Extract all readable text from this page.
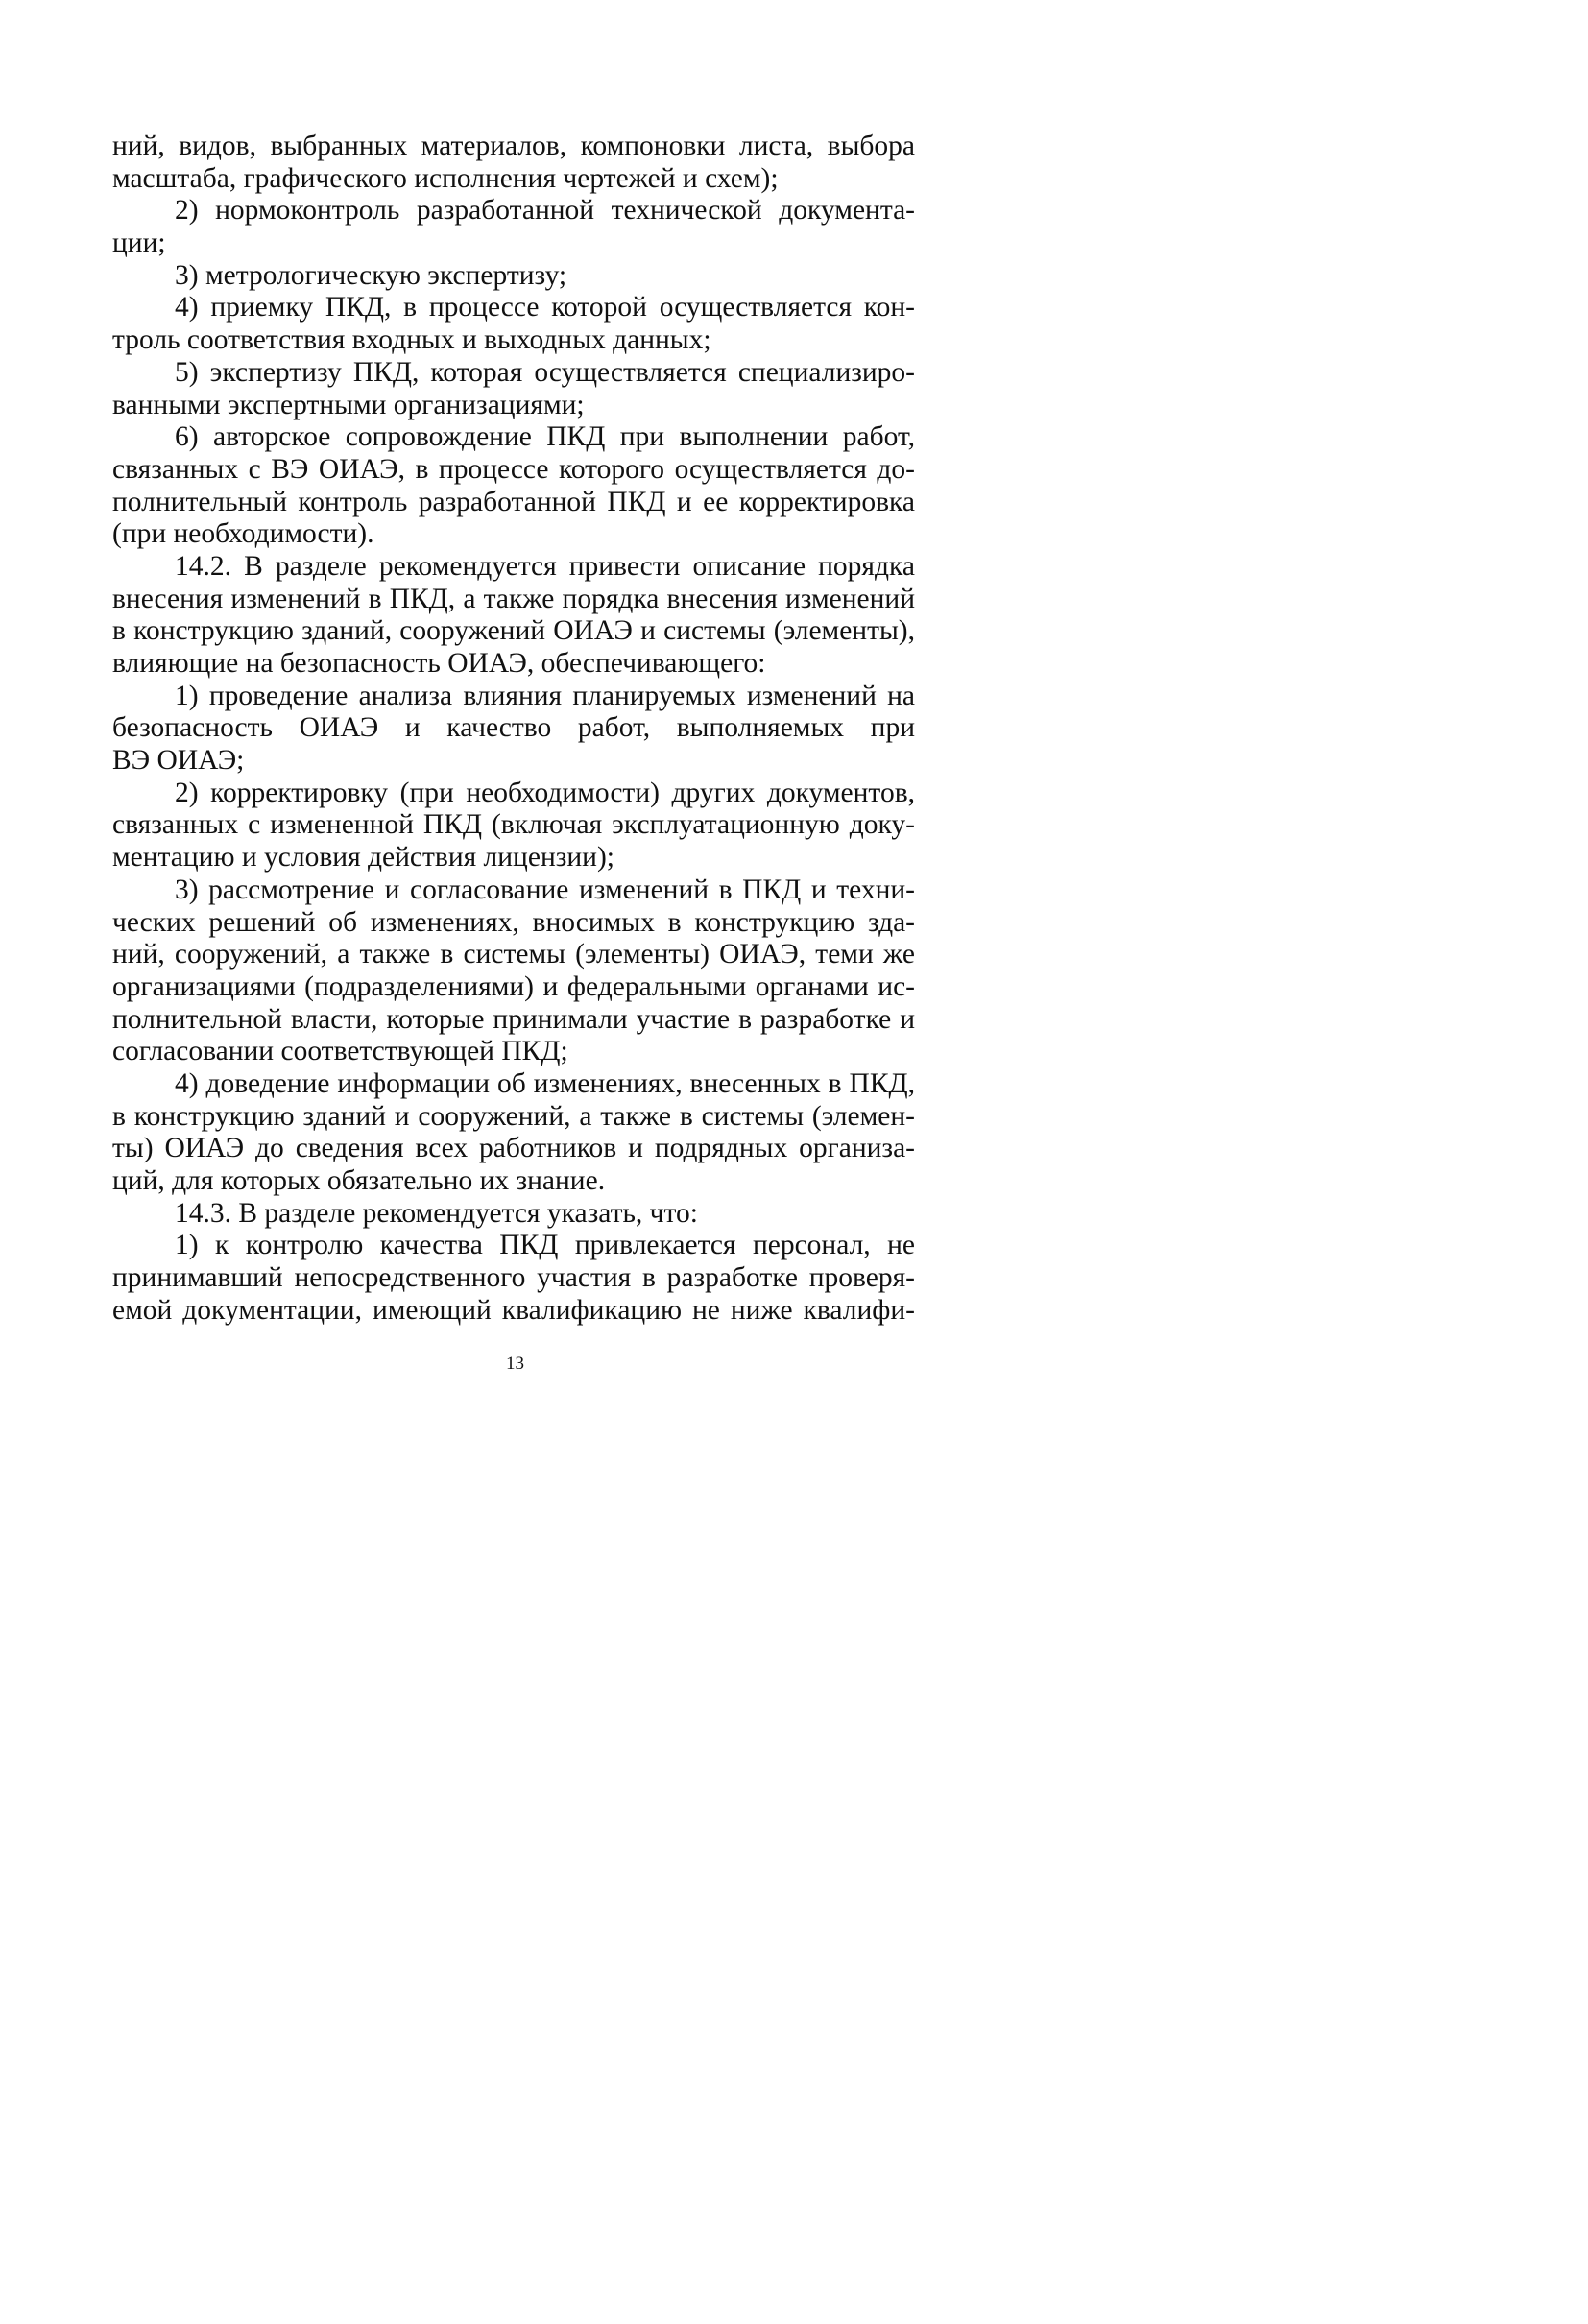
ний, видов, выбранных материалов, компоновки листа, выбора
масштаба, графического исполнения чертежей и схем);
2) нормоконтроль разработанной технической документа-
ции;
3) метрологическую экспертизу;
4) приемку ПКД, в процессе которой осуществляется кон-
троль соответствия входных и выходных данных;
5) экспертизу ПКД, которая осуществляется специализиро-
ванными экспертными организациями;
6) авторское сопровождение ПКД при выполнении работ,
связанных с ВЭ ОИАЭ, в процессе которого осуществляется до-
полнительный контроль разработанной ПКД и ее корректировка
(при необходимости).
14.2. В разделе рекомендуется привести описание порядка
внесения изменений в ПКД, а также порядка внесения изменений
в конструкцию зданий, сооружений ОИАЭ и системы (элементы),
влияющие на безопасность ОИАЭ, обеспечивающего:
1) проведение анализа влияния планируемых изменений на
безопасность ОИАЭ и качество работ, выполняемых при
ВЭ ОИАЭ;
2) корректировку (при необходимости) других документов,
связанных с измененной ПКД (включая эксплуатационную доку-
ментацию и условия действия лицензии);
3) рассмотрение и согласование изменений в ПКД и техни-
ческих решений об изменениях, вносимых в конструкцию зда-
ний, сооружений, а также в системы (элементы) ОИАЭ, теми же
организациями (подразделениями) и федеральными органами ис-
полнительной власти, которые принимали участие в разработке и
согласовании соответствующей ПКД;
4) доведение информации об изменениях, внесенных в ПКД,
в конструкцию зданий и сооружений, а также в системы (элемен-
ты) ОИАЭ до сведения всех работников и подрядных организа-
ций, для которых обязательно их знание.
14.3. В разделе рекомендуется указать, что:
1) к контролю качества ПКД привлекается персонал, не
принимавший непосредственного участия в разработке проверя-
емой документации, имеющий квалификацию не ниже квалифи-
13
